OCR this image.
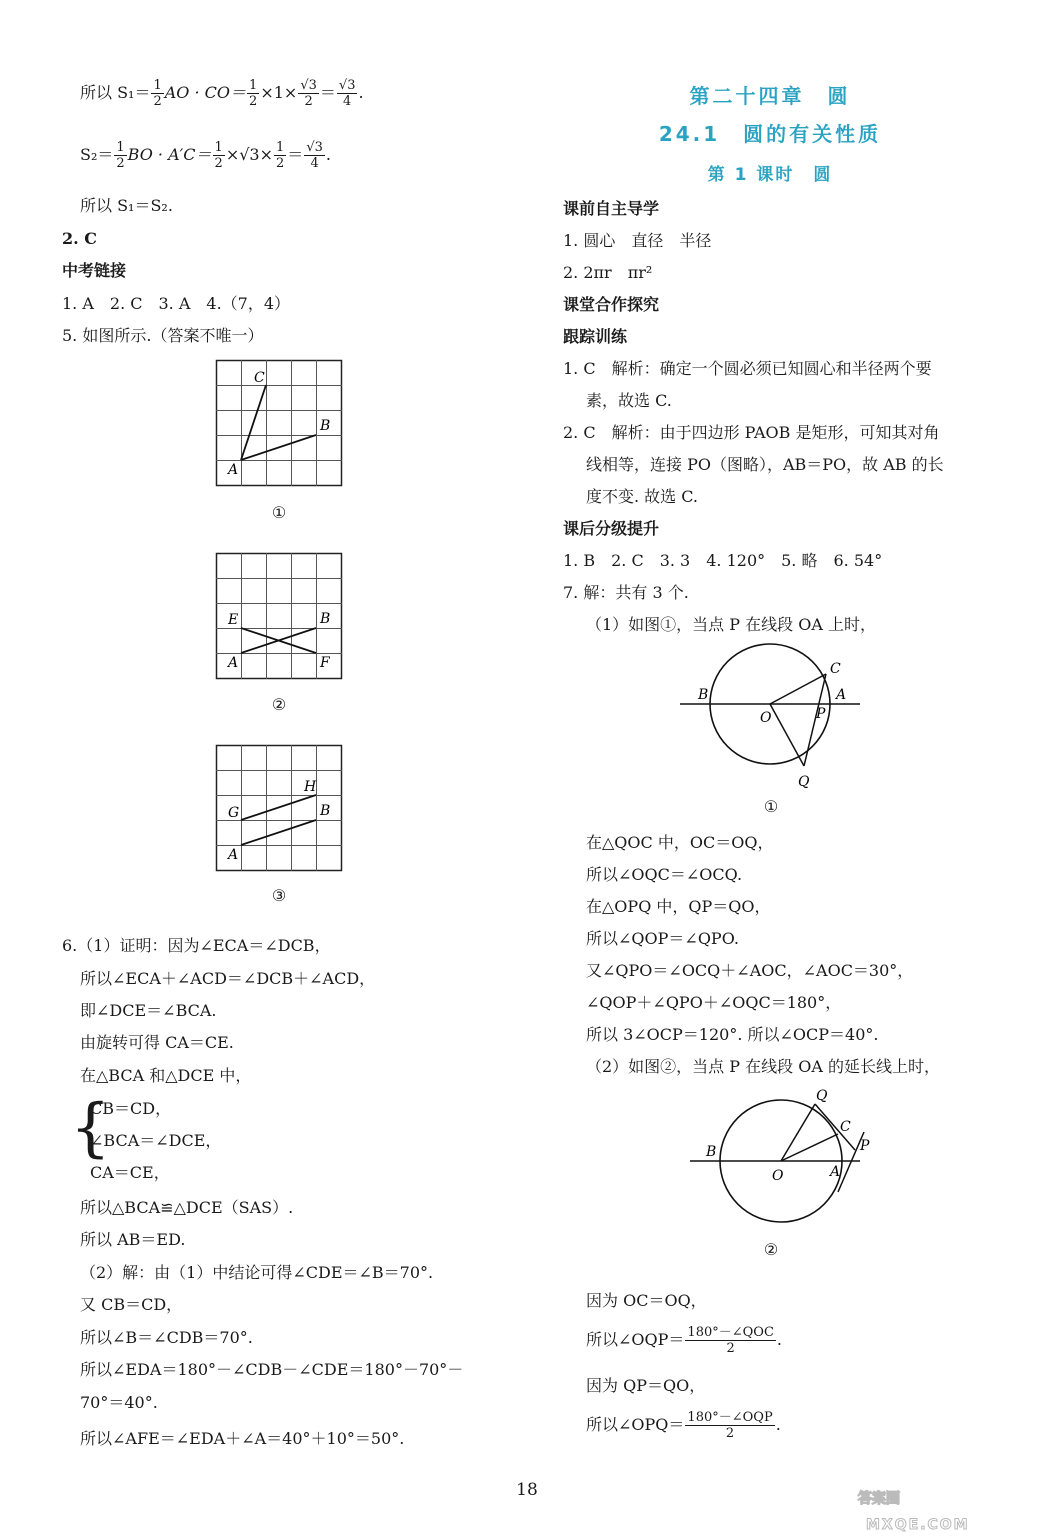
所以 $S_1= \frac{1}{2}$ AO · $CO= \frac{1}{2} \times 1\times \frac{√3}{2} = \frac{√3}{4}$ .
$S_2= \frac{1}{2}$ BO · $A'C= \frac{1}{2} \times√3\times \frac{1}{2} = \frac{√3}{4}$ .
所以 S₁＝S₂.
2. C
中考链接
1. A　2. C　3. A　4.（7，4）
5. 如图所示.（答案不唯一）
C
B
A
①
E	B
A	F
②
H
G	B
A
③
6.（1）证明：因为∠ECA＝∠DCB，
所以∠ECA＋∠ACD＝∠DCB＋∠ACD，
即∠DCE＝∠BCA.
由旋转可得 CA＝CE.
在△BCA 和△DCE 中，
{
CB＝CD，
∠BCA＝∠DCE，
CA＝CE，
所以△BCA≌△DCE（SAS）.
所以 AB＝ED.
（2）解：由（1）中结论可得∠CDE＝∠B＝70°.
又 CB＝CD，
所以∠B＝∠CDB＝70°.
所以∠EDA＝180°－∠CDB－∠CDE＝180°－70°－
70°＝40°.
所以∠AFE＝∠EDA＋∠A＝40°＋10°＝50°.
第二十四章　圆
24.1　圆的有关性质
第 1 课时　圆
课前自主导学
1. 圆心　直径　半径
2. 2πr　πr²
课堂合作探究
跟踪训练
1. C　解析：确定一个圆必须已知圆心和半径两个要
素，故选 C.
2. C　解析：由于四边形 PAOB 是矩形，可知其对角
线相等，连接 PO（图略），AB＝PO，故 AB 的长
度不变. 故选 C.
课后分级提升
1. B　2. C　3. 3　4. 120°　5. 略　6. 54°
7. 解：共有 3 个.
（1）如图①，当点 P 在线段 OA 上时，
B
O
C
A
P
Q
①
在△QOC 中，OC＝OQ，
所以∠OQC＝∠OCQ.
在△OPQ 中，QP＝QO，
所以∠QOP＝∠QPO.
又∠QPO＝∠OCQ＋∠AOC，∠AOC＝30°，
∠QOP＋∠QPO＋∠OQC＝180°，
所以 3∠OCP＝120°. 所以∠OCP＝40°.
（2）如图②，当点 P 在线段 OA 的延长线上时，
Q
C
P
B
O	A
②
因为 OC＝OQ，
所以∠OQP＝ $\frac{\text{180°－∠QOC}}{2}$ .
因为 QP＝QO，
所以∠OPQ＝ $\frac{\text{180°－∠OQP}}{2}$ .
18	答案圈
MXQE.COM
